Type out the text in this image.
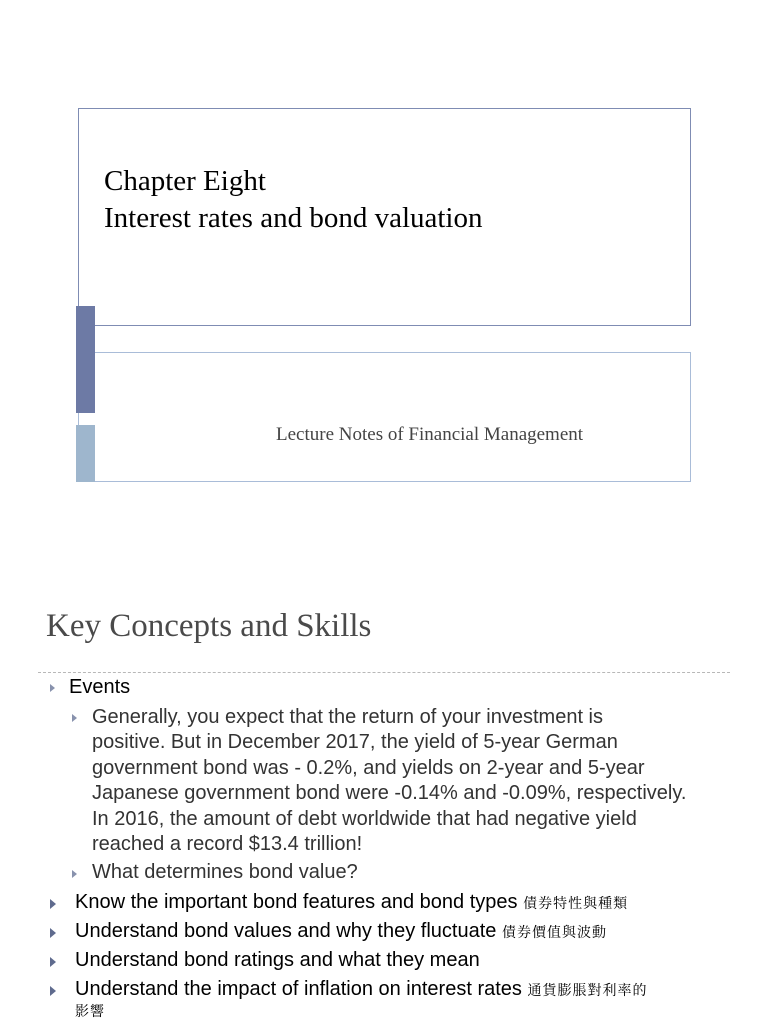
Chapter Eight
Interest rates and bond valuation
Lecture Notes of Financial Management
Key Concepts and Skills
Events
Generally, you expect that the return of your investment is
positive. But in December 2017, the yield of 5-year German
government bond was - 0.2%, and yields on 2-year and 5-year
Japanese government bond were -0.14% and -0.09%, respectively.
In 2016, the amount of debt worldwide that had negative yield
reached a record $13.4 trillion!
What determines bond value?
Know the important bond features and bond types 債券特性與種類
Understand bond values and why they fluctuate 債券價值與波動
Understand bond ratings and what they mean
Understand the impact of inflation on interest rates 通貨膨脹對利率的
影響
